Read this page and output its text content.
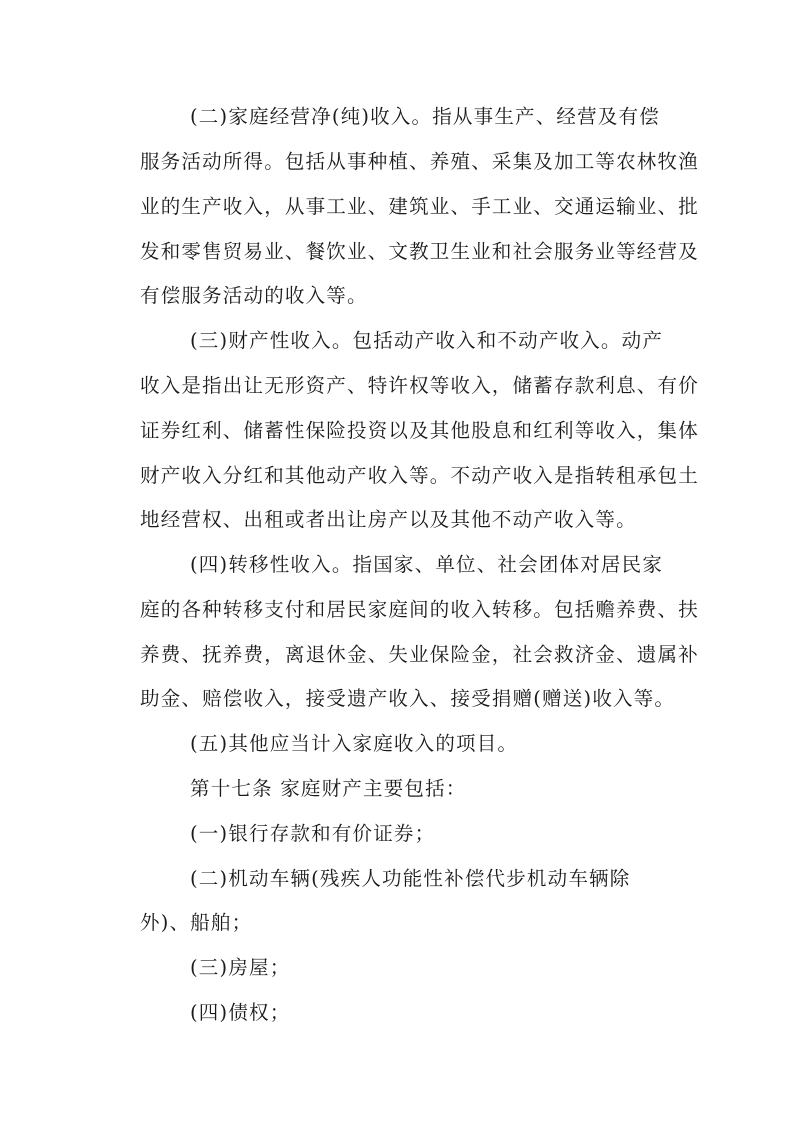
(二)家庭经营净(纯)收入。指从事生产、经营及有偿
服务活动所得。包括从事种植、养殖、采集及加工等农林牧渔
业的生产收入，从事工业、建筑业、手工业、交通运输业、批
发和零售贸易业、餐饮业、文教卫生业和社会服务业等经营及
有偿服务活动的收入等。
(三)财产性收入。包括动产收入和不动产收入。动产
收入是指出让无形资产、特许权等收入，储蓄存款利息、有价
证券红利、储蓄性保险投资以及其他股息和红利等收入，集体
财产收入分红和其他动产收入等。不动产收入是指转租承包土
地经营权、出租或者出让房产以及其他不动产收入等。
(四)转移性收入。指国家、单位、社会团体对居民家
庭的各种转移支付和居民家庭间的收入转移。包括赡养费、扶
养费、抚养费，离退休金、失业保险金，社会救济金、遗属补
助金、赔偿收入，接受遗产收入、接受捐赠(赠送)收入等。
(五)其他应当计入家庭收入的项目。
第十七条 家庭财产主要包括：
(一)银行存款和有价证券；
(二)机动车辆(残疾人功能性补偿代步机动车辆除
外)、船舶；
(三)房屋；
(四)债权；
